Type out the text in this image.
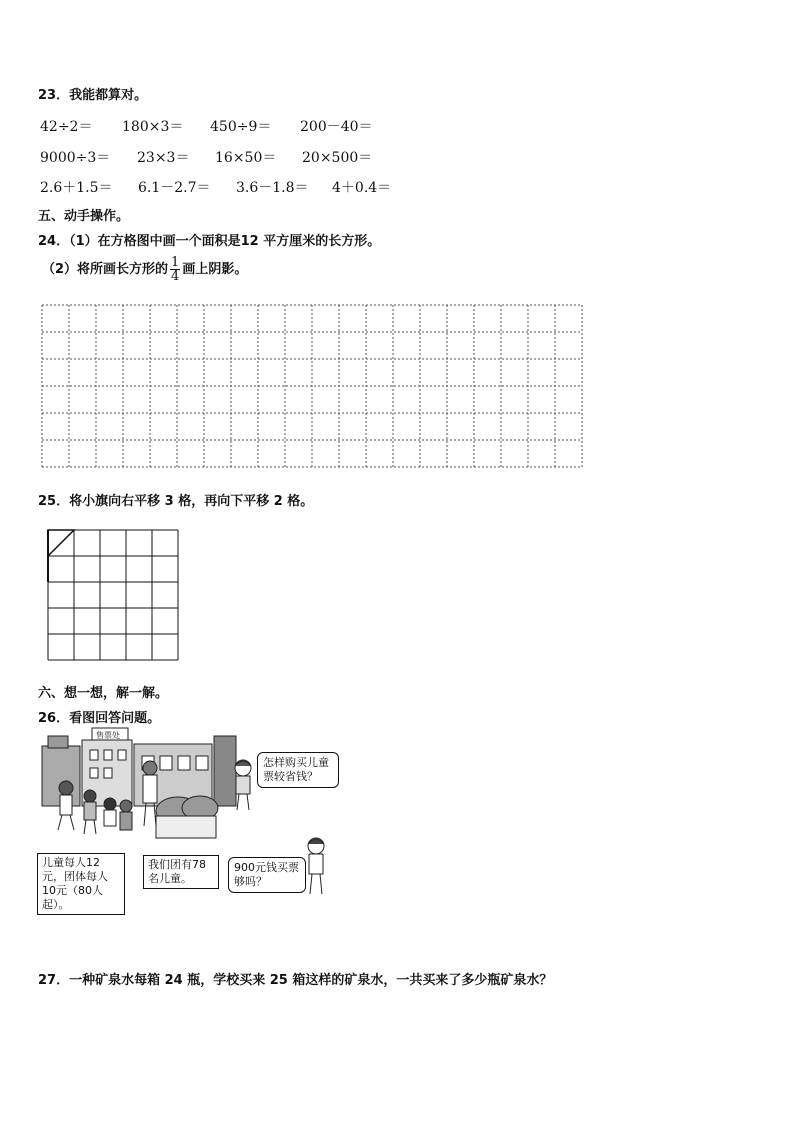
23．我能都算对。
42÷2＝ 180×3＝ 450÷9＝ 200－40＝
9000÷3＝ 23×3＝ 16×50＝ 20×500＝
2.6＋1.5＝ 6.1－2.7＝ 3.6－1.8＝ 4＋0.4＝
五、动手操作。
24．（1）在方格图中画一个面积是12 平方厘米的长方形。
（2）将所画长方形的 $\frac{1}{4}$ 画上阴影。
25．将小旗向右平移 3 格，再向下平移 2 格。
六、想一想，解一解。
26．看图回答问题。
售票处
怎样购买儿童票较省钱？
900元钱买票够吗？
儿童每人12元，团体每人10元（80人起）。
我们团有78名儿童。
27．一种矿泉水每箱 24 瓶，学校买来 25 箱这样的矿泉水，一共买来了多少瓶矿泉水？
